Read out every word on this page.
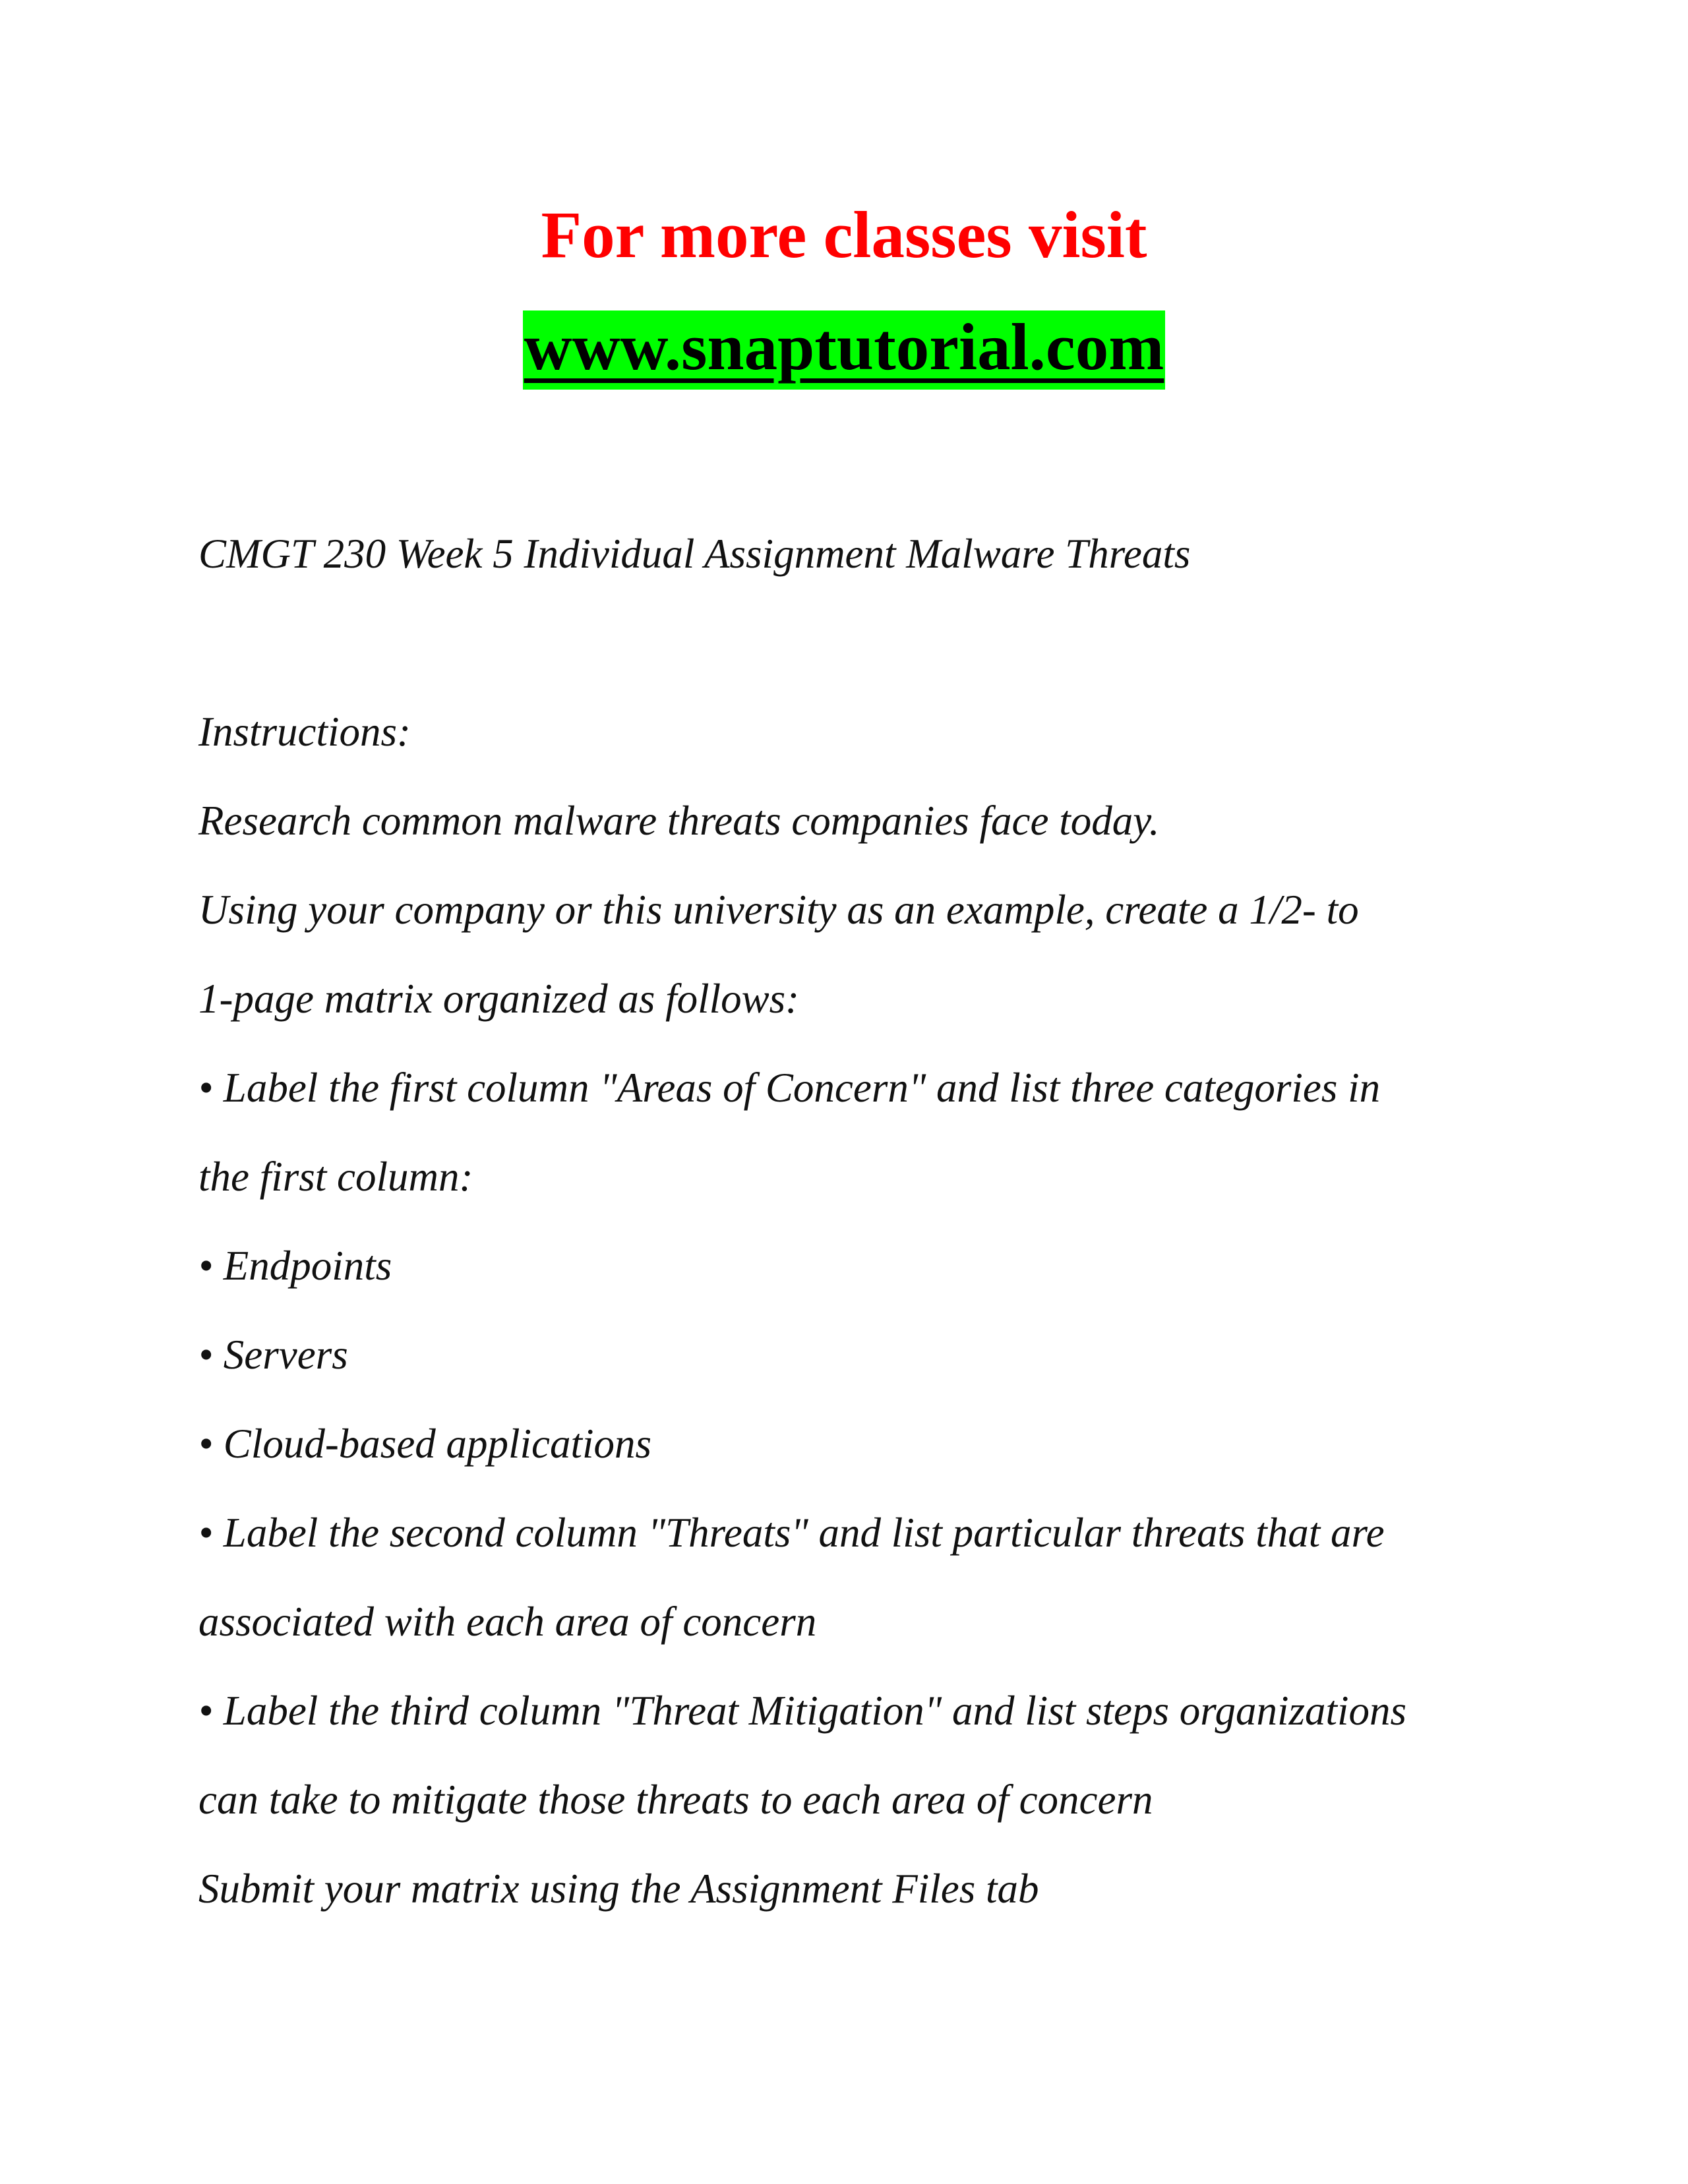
For more classes visit

www.snaptutorial.com

CMGT 230 Week 5 Individual Assignment Malware Threats

Instructions:

Research common malware threats companies face today.

Using your company or this university as an example, create a 1/2- to

1-page matrix organized as follows:

• Label the first column "Areas of Concern" and list three categories in

the first column:

• Endpoints

• Servers

• Cloud-based applications

• Label the second column "Threats" and list particular threats that are

associated with each area of concern

• Label the third column "Threat Mitigation" and list steps organizations

can take to mitigate those threats to each area of concern

Submit your matrix using the Assignment Files tab
